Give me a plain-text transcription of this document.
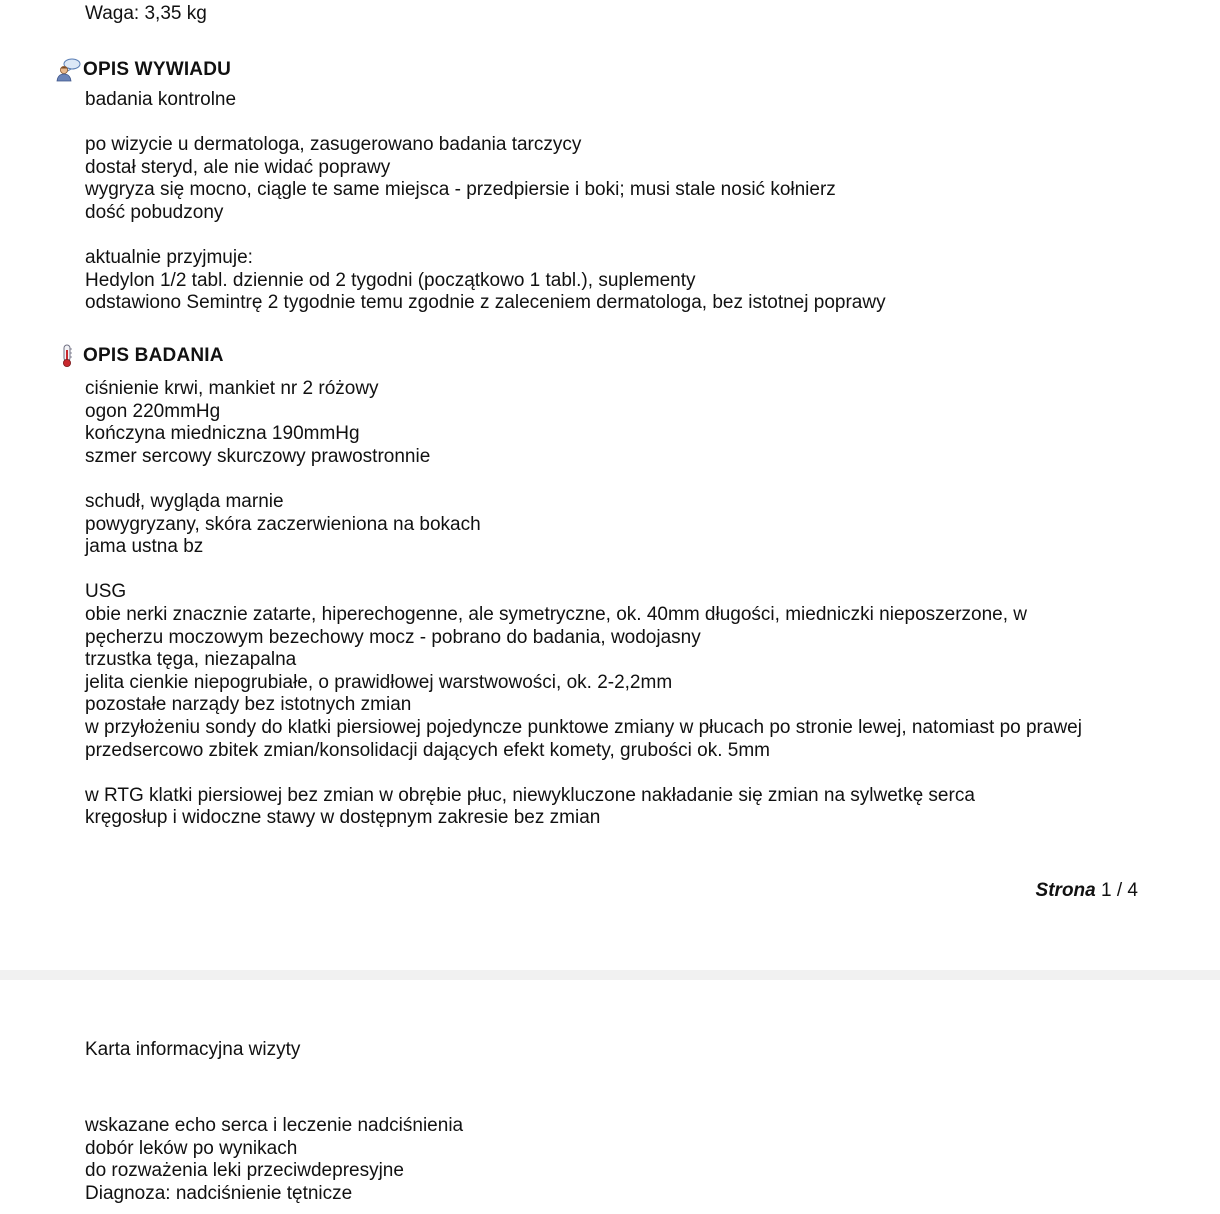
Waga: 3,35 kg
OPIS WYWIADU
badania kontrolne
po wizycie u dermatologa, zasugerowano badania tarczycy
dostał steryd, ale nie widać poprawy
wygryza się mocno, ciągle te same miejsca - przedpiersie i boki; musi stale nosić kołnierz
dość pobudzony
aktualnie przyjmuje:
Hedylon 1/2 tabl. dziennie od 2 tygodni (początkowo 1 tabl.), suplementy
odstawiono Semintrę 2 tygodnie temu zgodnie z zaleceniem dermatologa, bez istotnej poprawy
OPIS BADANIA
ciśnienie krwi, mankiet nr 2 różowy
ogon 220mmHg
kończyna miedniczna 190mmHg
szmer sercowy skurczowy prawostronnie
schudł, wygląda marnie
powygryzany, skóra zaczerwieniona na bokach
jama ustna bz
USG
obie nerki znacznie zatarte, hiperechogenne, ale symetryczne, ok. 40mm długości, miedniczki nieposzerzone, w
pęcherzu moczowym bezechowy mocz - pobrano do badania, wodojasny
trzustka tęga, niezapalna
jelita cienkie niepogrubiałe, o prawidłowej warstwowości, ok. 2-2,2mm
pozostałe narządy bez istotnych zmian
w przyłożeniu sondy do klatki piersiowej pojedyncze punktowe zmiany w płucach po stronie lewej, natomiast po prawej
przedsercowo zbitek zmian/konsolidacji dających efekt komety, grubości ok. 5mm
w RTG klatki piersiowej bez zmian w obrębie płuc, niewykluczone nakładanie się zmian na sylwetkę serca
kręgosłup i widoczne stawy w dostępnym zakresie bez zmian
Strona 1 / 4
Karta informacyjna wizyty
wskazane echo serca i leczenie nadciśnienia
dobór leków po wynikach
do rozważenia leki przeciwdepresyjne
Diagnoza: nadciśnienie tętnicze
